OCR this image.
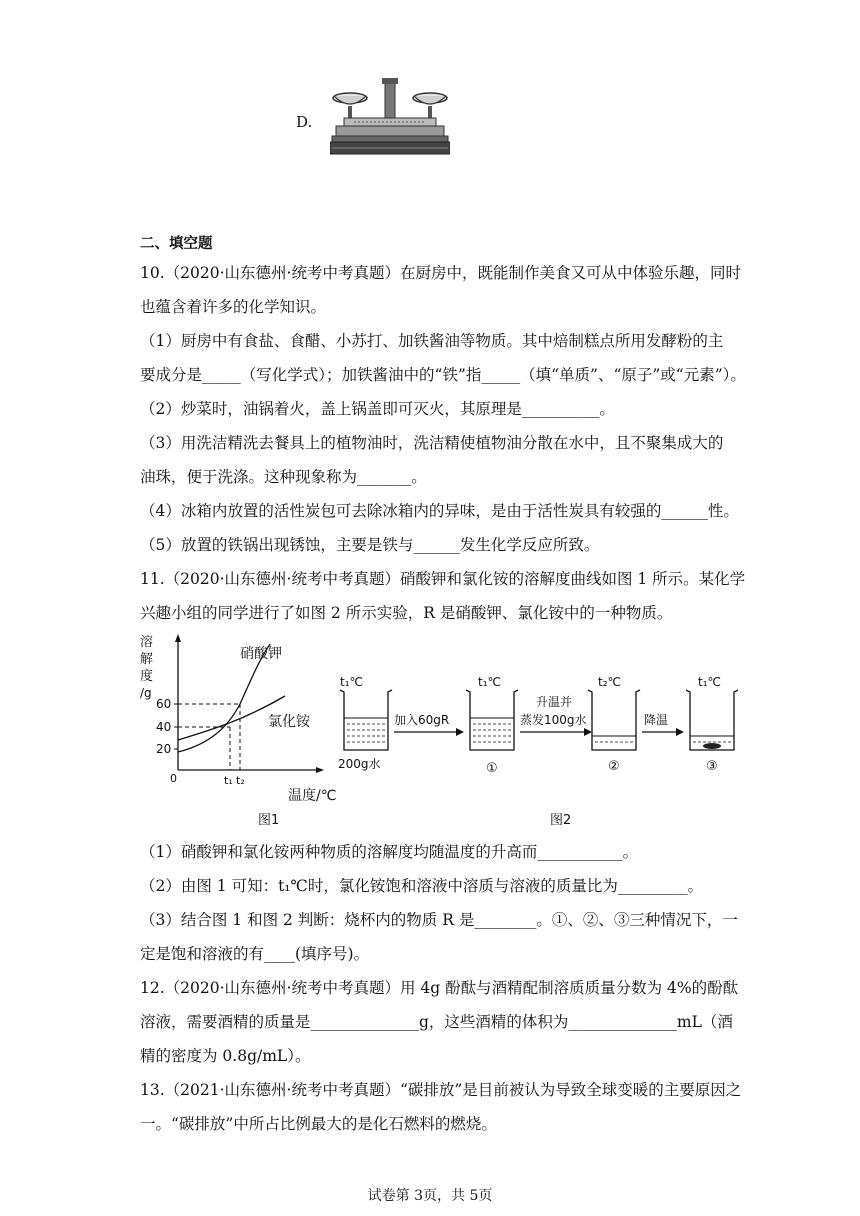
D.
二、填空题
10.（2020·山东德州·统考中考真题）在厨房中，既能制作美食又可从中体验乐趣，同时
也蕴含着许多的化学知识。
（1）厨房中有食盐、食醋、小苏打、加铁酱油等物质。其中焙制糕点所用发酵粉的主
要成分是_____（写化学式）；加铁酱油中的“铁”指_____（填“单质”、“原子”或“元素”）。
（2）炒菜时，油锅着火，盖上锅盖即可灭火，其原理是__________。
（3）用洗洁精洗去餐具上的植物油时，洗洁精使植物油分散在水中，且不聚集成大的
油珠，便于洗涤。这种现象称为_______。
（4）冰箱内放置的活性炭包可去除冰箱内的异味，是由于活性炭具有较强的______性。
（5）放置的铁锅出现锈蚀，主要是铁与______发生化学反应所致。
11.（2020·山东德州·统考中考真题）硝酸钾和氯化铵的溶解度曲线如图 1 所示。某化学
兴趣小组的同学进行了如图 2 所示实验，R 是硝酸钾、氯化铵中的一种物质。
溶
解
度
/g
20
40
60
t₁ t₂
硝酸钾
氯化铵
0
温度/℃
图1
t₁℃
200g水
加入60gR
t₁℃
①
升温并
蒸发100g水
t₂℃
②
降温
t₁℃
③
图2
（1）硝酸钾和氯化铵两种物质的溶解度均随温度的升高而___________。
（2）由图 1 可知：t₁℃时，氯化铵饱和溶液中溶质与溶液的质量比为_________。
（3）结合图 1 和图 2 判断：烧杯内的物质 R 是________。①、②、③三种情况下，一
定是饱和溶液的有____(填序号)。
12.（2020·山东德州·统考中考真题）用 4g 酚酞与酒精配制溶质质量分数为 4%的酚酞
溶液，需要酒精的质量是______________g，这些酒精的体积为______________mL（酒
精的密度为 0.8g/mL）。
13.（2021·山东德州·统考中考真题）“碳排放”是目前被认为导致全球变暖的主要原因之
一。“碳排放”中所占比例最大的是化石燃料的燃烧。
试卷第 3页，共 5页
